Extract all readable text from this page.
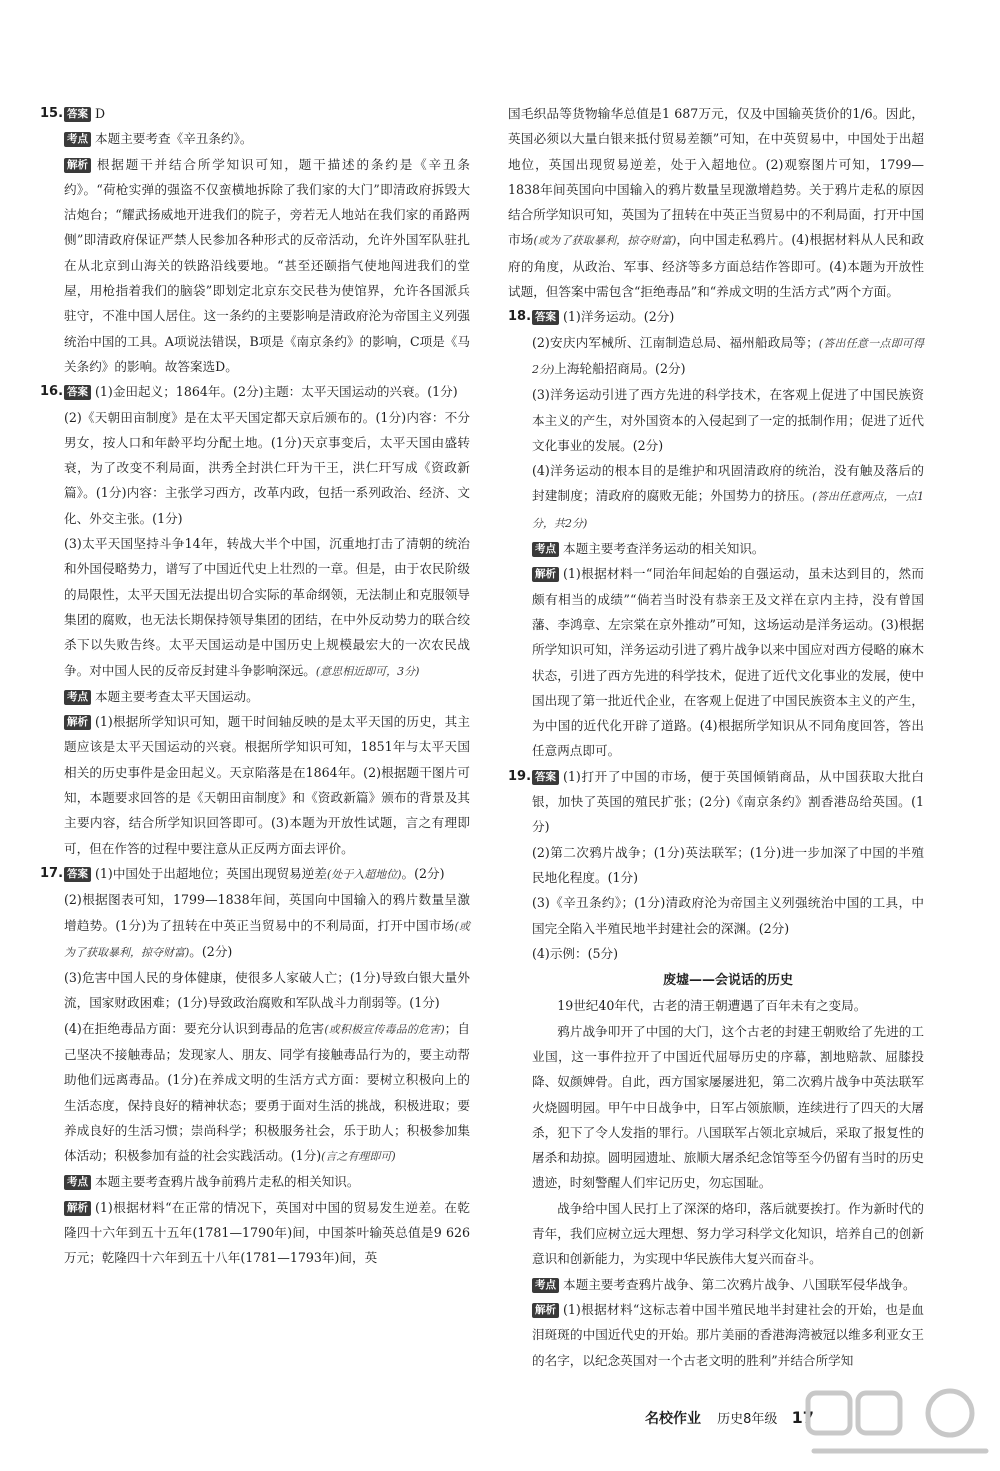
15. 答案 D

考点 本题主要考查《辛丑条约》。

解析 根据题干并结合所学知识可知，题干描述的条约是《辛丑条约》。“荷枪实弹的强盗不仅蛮横地拆除了我们家的大门”即清政府拆毁大沽炮台；“耀武扬威地开进我们的院子，旁若无人地站在我们家的甬路两侧”即清政府保证严禁人民参加各种形式的反帝活动，允许外国军队驻扎在从北京到山海关的铁路沿线要地。“甚至还颐指气使地闯进我们的堂屋，用枪指着我们的脑袋”即划定北京东交民巷为使馆界，允许各国派兵驻守，不准中国人居住。这一条约的主要影响是清政府沦为帝国主义列强统治中国的工具。A项说法错误，B项是《南京条约》的影响，C项是《马关条约》的影响。故答案选D。

16. 答案 (1)金田起义；1864年。(2分)主题：太平天国运动的兴衰。(1分)

(2)《天朝田亩制度》是在太平天国定都天京后颁布的。(1分)内容：不分男女，按人口和年龄平均分配土地。(1分)天京事变后，太平天国由盛转衰，为了改变不利局面，洪秀全封洪仁玕为干王，洪仁玕写成《资政新篇》。(1分)内容：主张学习西方，改革内政，包括一系列政治、经济、文化、外交主张。(1分)

(3)太平天国坚持斗争14年，转战大半个中国，沉重地打击了清朝的统治和外国侵略势力，谱写了中国近代史上壮烈的一章。但是，由于农民阶级的局限性，太平天国无法提出切合实际的革命纲领，无法制止和克服领导集团的腐败，也无法长期保持领导集团的团结，在中外反动势力的联合绞杀下以失败告终。太平天国运动是中国历史上规模最宏大的一次农民战争。对中国人民的反帝反封建斗争影响深远。(意思相近即可，3分)

考点 本题主要考查太平天国运动。

解析 (1)根据所学知识可知，题干时间轴反映的是太平天国的历史，其主题应该是太平天国运动的兴衰。根据所学知识可知，1851年与太平天国相关的历史事件是金田起义。天京陷落是在1864年。(2)根据题干图片可知，本题要求回答的是《天朝田亩制度》和《资政新篇》颁布的背景及其主要内容，结合所学知识回答即可。(3)本题为开放性试题，言之有理即可，但在作答的过程中要注意从正反两方面去评价。

17. 答案 (1)中国处于出超地位；英国出现贸易逆差(处于入超地位)。(2分)

(2)根据图表可知，1799—1838年间，英国向中国输入的鸦片数量呈激增趋势。(1分)为了扭转在中英正当贸易中的不利局面，打开中国市场(或为了获取暴利，掠夺财富)。(2分)

(3)危害中国人民的身体健康，使很多人家破人亡；(1分)导致白银大量外流，国家财政困难；(1分)导致政治腐败和军队战斗力削弱等。(1分)

(4)在拒绝毒品方面：要充分认识到毒品的危害(或积极宣传毒品的危害)；自己坚决不接触毒品；发现家人、朋友、同学有接触毒品行为的，要主动帮助他们远离毒品。(1分)在养成文明的生活方式方面：要树立积极向上的生活态度，保持良好的精神状态；要勇于面对生活的挑战，积极进取；要养成良好的生活习惯；崇尚科学；积极服务社会，乐于助人；积极参加集体活动；积极参加有益的社会实践活动。(1分)(言之有理即可)

考点 本题主要考查鸦片战争前鸦片走私的相关知识。

解析 (1)根据材料“在正常的情况下，英国对中国的贸易发生逆差。在乾隆四十六年到五十五年(1781—1790年)间，中国茶叶输英总值是9 626万元；乾隆四十六年到五十八年(1781—1793年)间，英

国毛织品等货物输华总值是1 687万元，仅及中国输英货价的1/6。因此，英国必须以大量白银来抵付贸易差额”可知，在中英贸易中，中国处于出超地位，英国出现贸易逆差，处于入超地位。(2)观察图片可知，1799—1838年间英国向中国输入的鸦片数量呈现激增趋势。关于鸦片走私的原因结合所学知识可知，英国为了扭转在中英正当贸易中的不利局面，打开中国市场(或为了获取暴利，掠夺财富)，向中国走私鸦片。(4)根据材料从人民和政府的角度，从政治、军事、经济等多方面总结作答即可。(4)本题为开放性试题，但答案中需包含“拒绝毒品”和“养成文明的生活方式”两个方面。

18. 答案 (1)洋务运动。(2分)

(2)安庆内军械所、江南制造总局、福州船政局等；(答出任意一点即可得2分)上海轮船招商局。(2分)

(3)洋务运动引进了西方先进的科学技术，在客观上促进了中国民族资本主义的产生，对外国资本的入侵起到了一定的抵制作用；促进了近代文化事业的发展。(2分)

(4)洋务运动的根本目的是维护和巩固清政府的统治，没有触及落后的封建制度；清政府的腐败无能；外国势力的挤压。(答出任意两点，一点1分，共2分)

考点 本题主要考查洋务运动的相关知识。

解析 (1)根据材料一“同治年间起始的自强运动，虽未达到目的，然而颇有相当的成绩”“倘若当时没有恭亲王及文祥在京内主持，没有曾国藩、李鸿章、左宗棠在京外推动”可知，这场运动是洋务运动。(3)根据所学知识可知，洋务运动引进了鸦片战争以来中国应对西方侵略的麻木状态，引进了西方先进的科学技术，促进了近代文化事业的发展，使中国出现了第一批近代企业，在客观上促进了中国民族资本主义的产生，为中国的近代化开辟了道路。(4)根据所学知识从不同角度回答，答出任意两点即可。

19. 答案 (1)打开了中国的市场，便于英国倾销商品，从中国获取大批白银，加快了英国的殖民扩张；(2分)《南京条约》割香港岛给英国。(1分)

(2)第二次鸦片战争；(1分)英法联军；(1分)进一步加深了中国的半殖民地化程度。(1分)

(3)《辛丑条约》；(1分)清政府沦为帝国主义列强统治中国的工具，中国完全陷入半殖民地半封建社会的深渊。(2分)

(4)示例：(5分)

废墟——会说话的历史

19世纪40年代，古老的清王朝遭遇了百年未有之变局。

鸦片战争叩开了中国的大门，这个古老的封建王朝败给了先进的工业国，这一事件拉开了中国近代屈辱历史的序幕，割地赔款、屈膝投降、奴颜婢骨。自此，西方国家屡屡进犯，第二次鸦片战争中英法联军火烧圆明园。甲午中日战争中，日军占领旅顺，连续进行了四天的大屠杀，犯下了令人发指的罪行。八国联军占领北京城后，采取了报复性的屠杀和劫掠。圆明园遗址、旅顺大屠杀纪念馆等至今仍留有当时的历史遗迹，时刻警醒人们牢记历史，勿忘国耻。

战争给中国人民打上了深深的烙印，落后就要挨打。作为新时代的青年，我们应树立远大理想、努力学习科学文化知识，培养自己的创新意识和创新能力，为实现中华民族伟大复兴而奋斗。

考点 本题主要考查鸦片战争、第二次鸦片战争、八国联军侵华战争。

解析 (1)根据材料“这标志着中国半殖民地半封建社会的开始，也是血泪斑斑的中国近代史的开始。那片美丽的香港海湾被冠以维多利亚女王的名字，以纪念英国对一个古老文明的胜利”并结合所学知

名校作业 历史8年级 17
